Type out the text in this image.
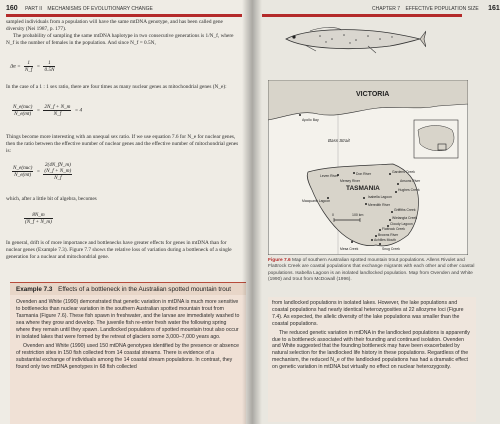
160 PART II MECHANISMS OF EVOLUTIONARY CHANGE

sampled individuals from a population will have the same mtDNA genotype, and has been called gene diversity (Nei 1987, p. 177).

The probability of sampling the same mtDNA haplotype in two consecutive generations is 1/N_f, where N_f is the number of females in the population. And since N_f = 0.5N,

$\Delta\alpha = \frac{1}{N\_f} = \frac{1}{0.5N}$
In the case of a 1 : 1 sex ratio, there are four times as many nuclear genes as mitochondrial genes (N_e):
$\frac{\text{N\_e(nuc)}}{N\_e(mt)} = \frac{2N\_f + N\_m}{N\_f} = 4$
Things become more interesting with an unequal sex ratio. If we use equation 7.6 for N_e for nuclear genes, then the ratio between the effective number of nuclear genes and the effective number of mitochondrial genes is:
$\frac{\text{N\_e(nuc)}}{N\_e(mt)}$ =
2(4N_fN_m)
(N_f + N_m)
N_f
which, after a little bit of algebra, becomes
$\frac{8N\_m}{(N\_f + N\_m)}$
In general, drift is of more importance and bottlenecks have greater effects for genes in mtDNA than for nuclear genes (Example 7.3). Figure 7.7 shows the relative loss of variation during a bottleneck of a single generation for a nuclear and mitochondrial gene.
Example 7.3 Effects of a bottleneck in the Australian spotted mountain trout

Ovenden and White (1990) demonstrated that genetic variation in mtDNA is much more sensitive to bottlenecks than nuclear variation in the southern Australian spotted mountain trout from Tasmania (Figure 7.6). These fish spawn in freshwater, and the larvae are immediately washed to sea where they grow and develop. The juvenile fish re-enter fresh water the following spring where they remain until they spawn. Landlocked populations of spotted mountain trout also occur in isolated lakes that were formed by the retreat of glaciers some 3,000–7,000 years ago.

Ovenden and White (1990) used 150 mtDNA genotypes identified by the presence or absence of restriction sites in 150 fish collected from 14 coastal streams. There is evidence of a substantial exchange of individuals among the 14 coastal stream populations. In contrast, they found only two mtDNA genotypes in 68 fish collected

CHAPTER 7 EFFECTIVE POPULATION SIZE 161
VICTORIA
Apollo Bay
Bass Strait
TASMANIA
Leven River	Don River	Gardens Creek
Ansons River
Hughes Creek
Mersey River
Isabella Lagoon
Meredith River
Macquarie Lagoon
Griffiths Creek
Wielangta Creek
Cloudy Lagoon
Flattrock Creek
Browns River
Achilles Mouth
Mesa Creek	Snug Creek
0	100 km
Figure 7.6 Map of southern Australian spotted mountain trout populations. Allens Rivulet and Flattrock Creek are coastal populations that exchange migrants with each other and other coastal populations. Isabella Lagoon is an isolated landlocked population. Map from Ovenden and White (1990) and trout from McDowall (1996).

from landlocked populations in isolated lakes. However, the lake populations and coastal populations had nearly identical heterozygosities at 22 allozyme loci (Figure 7.4). As expected, the allelic diversity of the lake populations was smaller than the coastal populations.

The reduced genetic variation in mtDNA in the landlocked populations is apparently due to a bottleneck associated with their founding and continued isolation. Ovenden and White suggested that the founding bottleneck may have been exacerbated by natural selection for the landlocked life history in these populations. Regardless of the mechanism, the reduced N_e of the landlocked populations has had a dramatic effect on genetic variation in mtDNA but virtually no effect on nuclear heterozygosity.
